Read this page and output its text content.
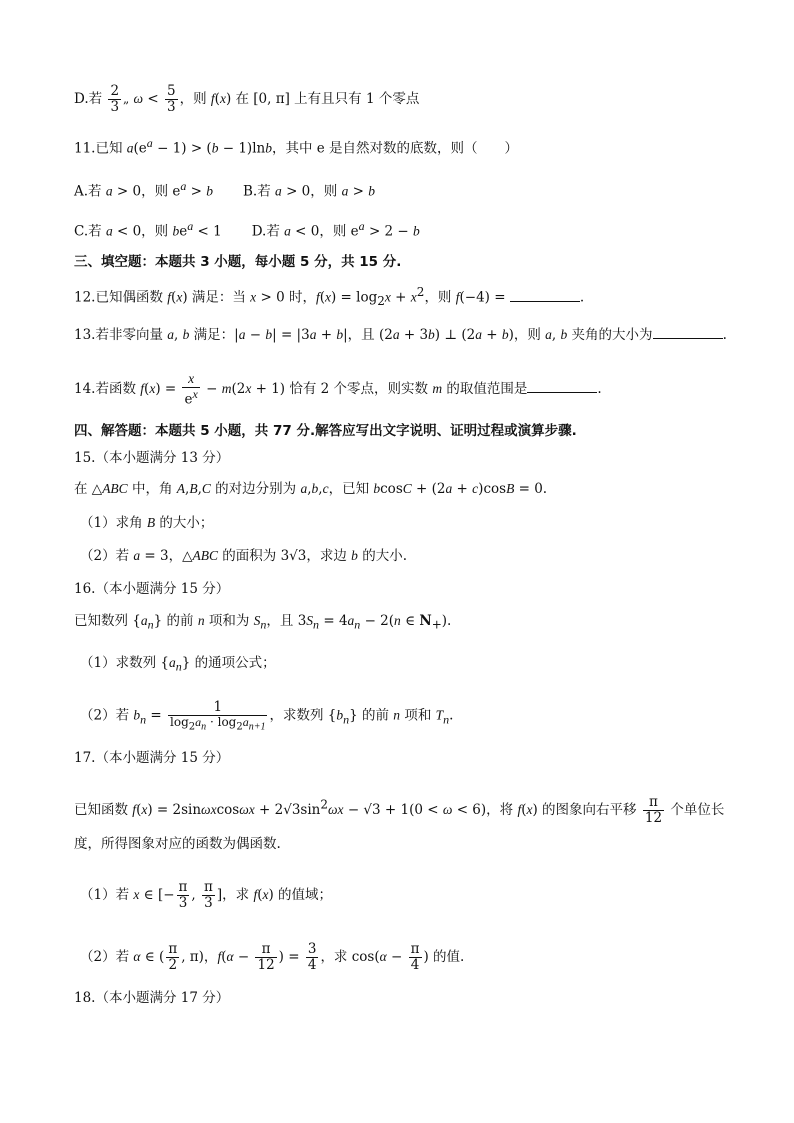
D.若 $\frac{2}{3}$ „ $\omega < \frac{5}{3}$ ，则 f(x) 在 [0, π] 上有且只有 1 个零点
11.已知 $a(e^a - 1) > (b - 1)\ln b$，其中 e 是自然对数的底数，则（　　）
A.若 a > 0，则 $e^a > b$ B.若 a > 0，则 a > b
C.若 a < 0，则 $be^a < 1$ D.若 a < 0，则 $e^a > 2 - b$
三、填空题：本题共 3 小题，每小题 5 分，共 15 分.
12.已知偶函数 f(x) 满足：当 x > 0 时，$f(x) = \log_2x + x^2$，则 f(−4) =	.
13.若非零向量 a, b 满足：|a − b| = |3a + b|，且 (2a + 3b) ⊥ (2a + b)，则 a, b 夹角的大小为	.
14.若函数 $f(x) = \frac{x}{e^x} - m(2x + 1)$ 恰有 2 个零点，则实数 m 的取值范围是	.
四、解答题：本题共 5 小题，共 77 分.解答应写出文字说明、证明过程或演算步骤.
15.（本小题满分 13 分）
在 △ABC 中，角 A,B,C 的对边分别为 a,b,c，已知 bcosC + (2a + c)cosB = 0.
（1）求角 B 的大小；
（2）若 a = 3，△ABC 的面积为 3√3，求边 b 的大小.
16.（本小题满分 15 分）
已知数列 $\{a_n\}$ 的前 n 项和为 $S_n$，且 $3S_n = 4a_n - 2(n$ ∈ $N_+$).
（1）求数列 $\{a_n\}$ 的通项公式；
（2）若 $b_n = \frac{1}{\log_2a_n \cdot \log_2a_{n+1}}$ ，求数列 $\{b_n\}$ 的前 n 项和 $T_n$.
17.（本小题满分 15 分）
已知函数 $f(x) = 2\sin\omega xcos\omega x + 2√3\sin^2\omega x - √3 + 1(0 < \omega < 6)$，将 f(x) 的图象向右平移 $\frac{\pi}{12}$ 个单位长
度，所得图象对应的函数为偶函数.
（1）若 x ∈ [− $\frac{\pi}{3}$ , $\frac{\pi}{3}$ ]，求 f(x) 的值域；
（2）若 α ∈ ( $\frac{\pi}{2}$ , π)，$f(\alpha - \frac{\pi}{12}$ ) = $\frac{3}{4}$ ，求 $\cos(\alpha - \frac{\pi}{4}$ ) 的值.
18.（本小题满分 17 分）
